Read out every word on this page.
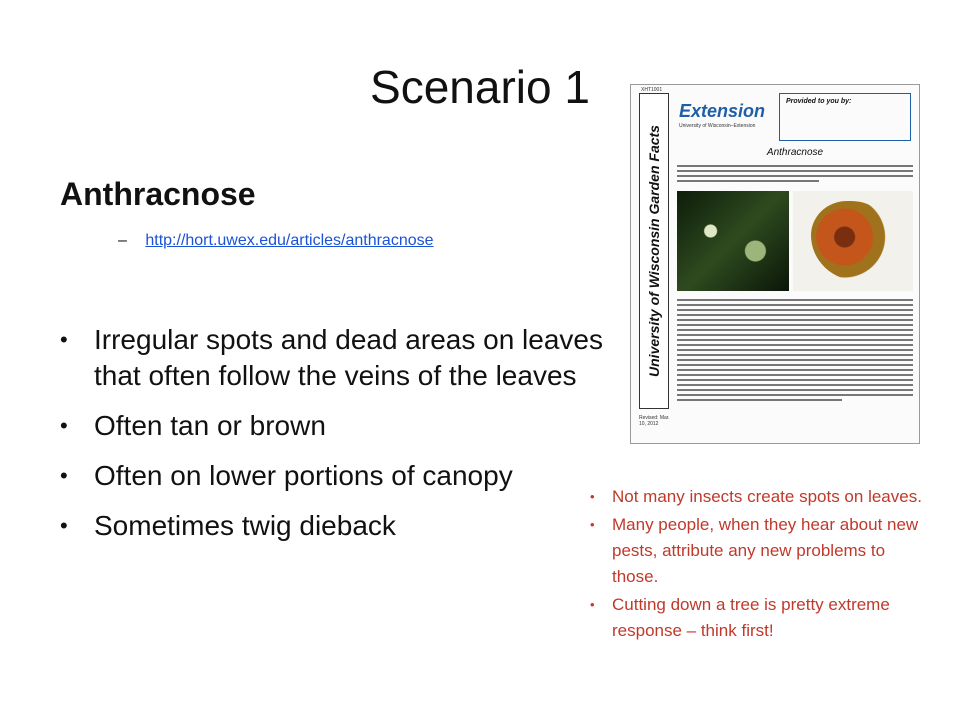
Scenario 1
Anthracnose
– http://hort.uwex.edu/articles/anthracnose
• Irregular spots and dead areas on leaves that often follow the veins of the leaves
• Often tan or brown
• Often on lower portions of canopy
• Sometimes twig dieback
XHT1001
University of Wisconsin Garden Facts
Extension
University of Wisconsin–Extension
Provided to you by:
Anthracnose
Revised: Mar. 10, 2012
• Not many insects create spots on leaves.
• Many people, when they hear about new pests, attribute any new problems to those.
• Cutting down a tree is pretty extreme response – think first!
